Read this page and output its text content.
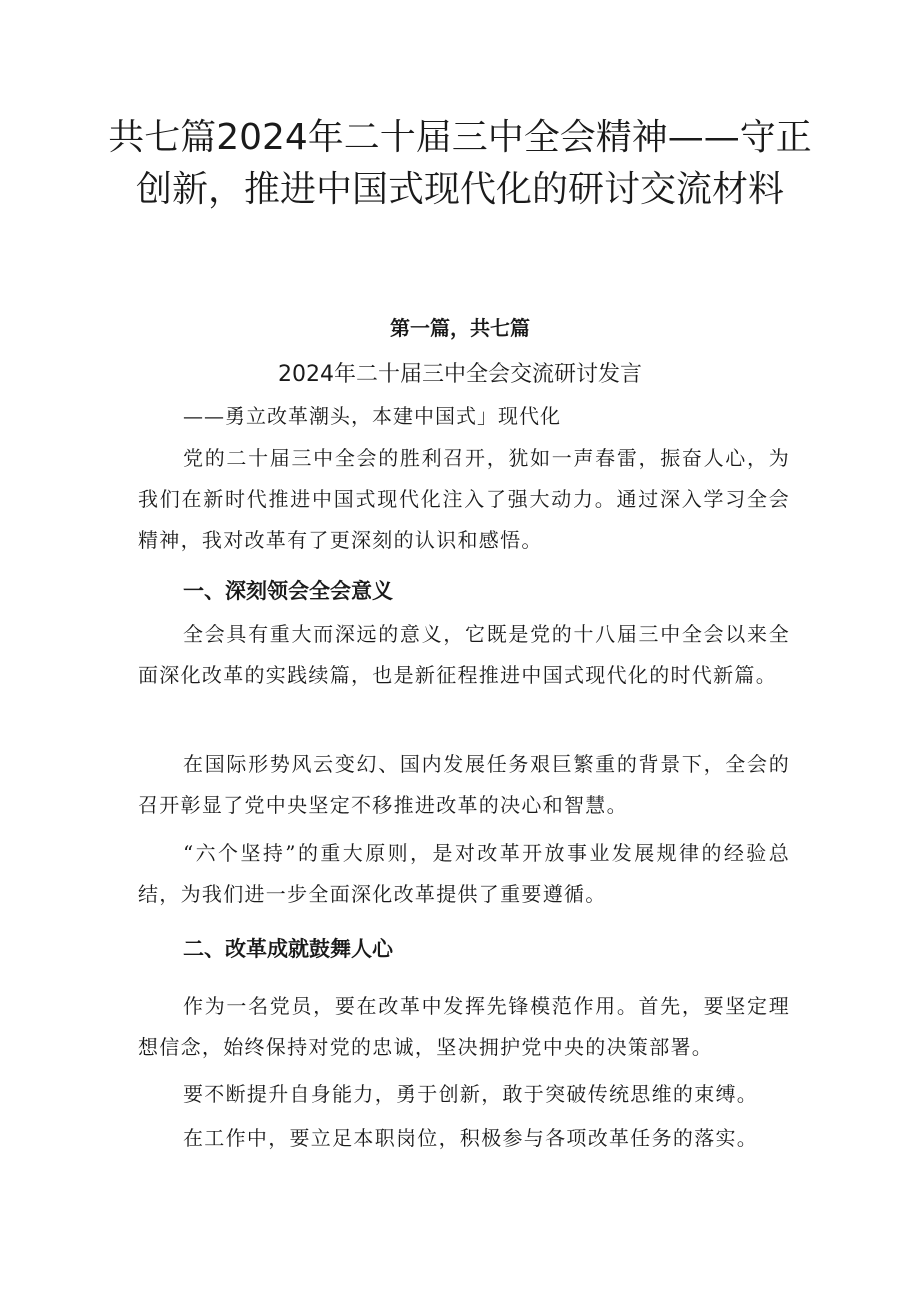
共七篇2024年二十届三中全会精神——守正创新，推进中国式现代化的研讨交流材料

第一篇，共七篇

2024年二十届三中全会交流研讨发言

——勇立改革潮头，本建中国式」现代化

党的二十届三中全会的胜利召开，犹如一声春雷，振奋人心，为我们在新时代推进中国式现代化注入了强大动力。通过深入学习全会精神，我对改革有了更深刻的认识和感悟。

一、深刻领会全会意义

全会具有重大而深远的意义，它既是党的十八届三中全会以来全面深化改革的实践续篇，也是新征程推进中国式现代化的时代新篇。

在国际形势风云变幻、国内发展任务艰巨繁重的背景下，全会的召开彰显了党中央坚定不移推进改革的决心和智慧。

“六个坚持”的重大原则，是对改革开放事业发展规律的经验总结，为我们进一步全面深化改革提供了重要遵循。

二、改革成就鼓舞人心

作为一名党员，要在改革中发挥先锋模范作用。首先，要坚定理想信念，始终保持对党的忠诚，坚决拥护党中央的决策部署。

要不断提升自身能力，勇于创新，敢于突破传统思维的束缚。

在工作中，要立足本职岗位，积极参与各项改革任务的落实。
